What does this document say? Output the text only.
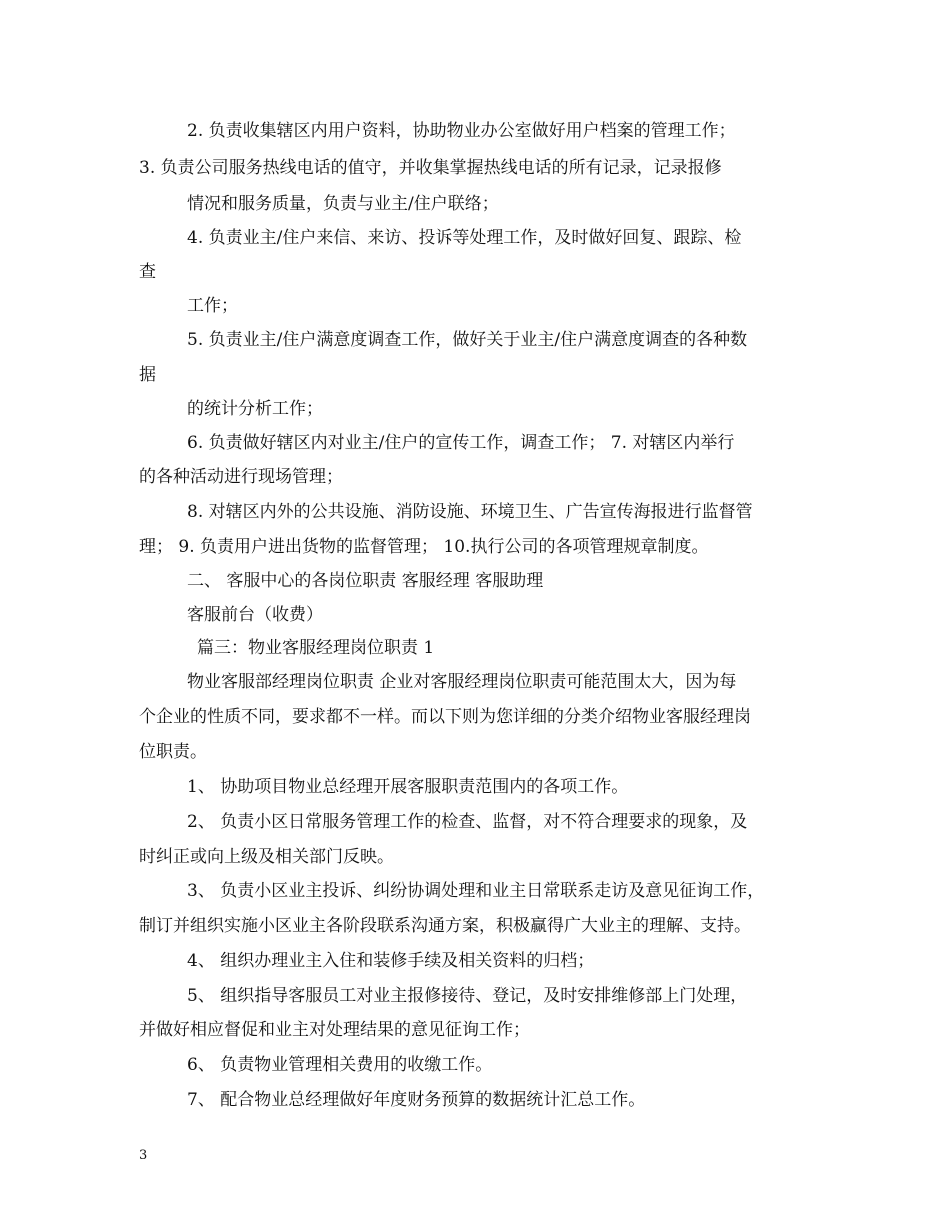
2. 负责收集辖区内用户资料，协助物业办公室做好用户档案的管理工作；
3. 负责公司服务热线电话的值守，并收集掌握热线电话的所有记录，记录报修
情况和服务质量，负责与业主/住户联络；
4. 负责业主/住户来信、来访、投诉等处理工作，及时做好回复、跟踪、检
查
工作；
5. 负责业主/住户满意度调查工作，做好关于业主/住户满意度调查的各种数
据
的统计分析工作；
6. 负责做好辖区内对业主/住户的宣传工作，调查工作； 7. 对辖区内举行
的各种活动进行现场管理；
8. 对辖区内外的公共设施、消防设施、环境卫生、广告宣传海报进行监督管
理； 9. 负责用户进出货物的监督管理； 10.执行公司的各项管理规章制度。
二、 客服中心的各岗位职责 客服经理 客服助理
客服前台（收费）
篇三：物业客服经理岗位职责 1
物业客服部经理岗位职责 企业对客服经理岗位职责可能范围太大，因为每
个企业的性质不同，要求都不一样。而以下则为您详细的分类介绍物业客服经理岗
位职责。
1、 协助项目物业总经理开展客服职责范围内的各项工作。
2、 负责小区日常服务管理工作的检查、监督，对不符合理要求的现象，及
时纠正或向上级及相关部门反映。
3、 负责小区业主投诉、纠纷协调处理和业主日常联系走访及意见征询工作，
制订并组织实施小区业主各阶段联系沟通方案，积极赢得广大业主的理解、支持。
4、 组织办理业主入住和装修手续及相关资料的归档；
5、 组织指导客服员工对业主报修接待、登记，及时安排维修部上门处理，
并做好相应督促和业主对处理结果的意见征询工作；
6、 负责物业管理相关费用的收缴工作。
7、 配合物业总经理做好年度财务预算的数据统计汇总工作。
3
